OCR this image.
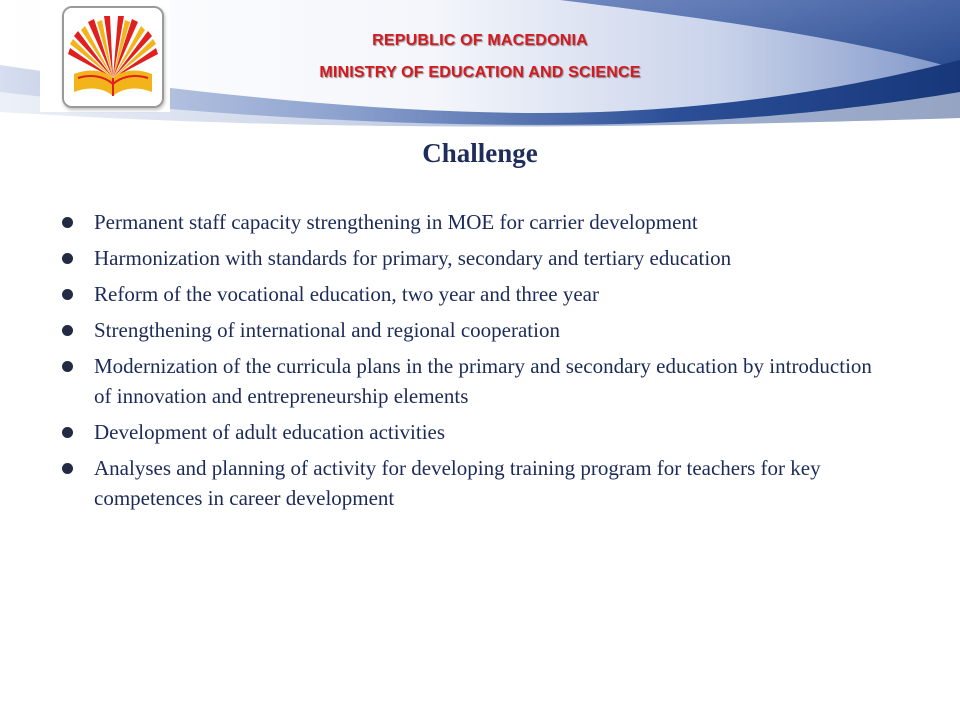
REPUBLIC OF MACEDONIA
MINISTRY OF EDUCATION AND SCIENCE
Challenge
Permanent staff capacity strengthening in MOE for carrier development
Harmonization with standards for primary, secondary and tertiary education
Reform of the vocational education, two year and three year
Strengthening of international and regional cooperation
Modernization of the curricula plans in the primary and secondary education by introduction of innovation and entrepreneurship elements
Development of adult education activities
Analyses and planning of activity for developing training program for teachers for key competences in career development
